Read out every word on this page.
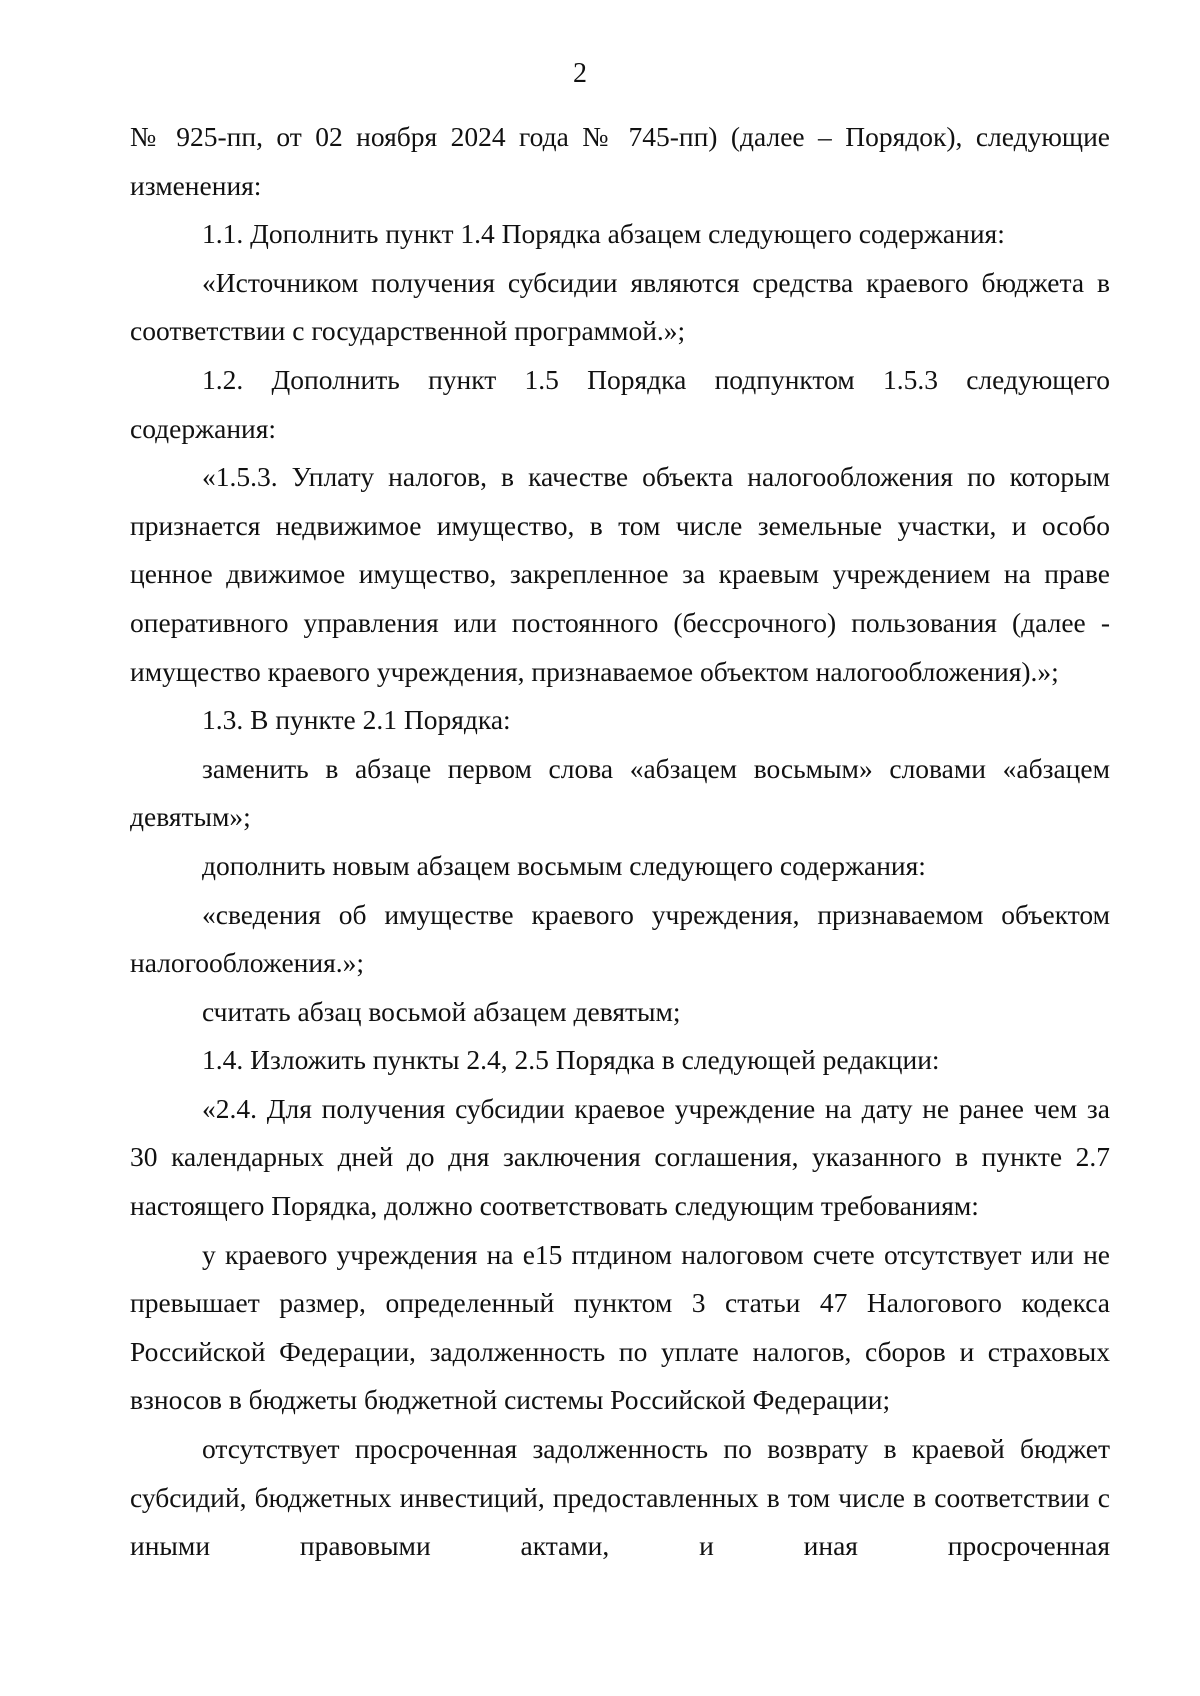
2

№ 925-пп, от 02 ноября 2024 года № 745-пп) (далее – Порядок), следующие изменения:

1.1. Дополнить пункт 1.4 Порядка абзацем следующего содержания:

«Источником получения субсидии являются средства краевого бюджета в соответствии с государственной программой.»;

1.2. Дополнить пункт 1.5 Порядка подпунктом 1.5.3 следующего содержания:

«1.5.3. Уплату налогов, в качестве объекта налогообложения по которым признается недвижимое имущество, в том числе земельные участки, и особо ценное движимое имущество, закрепленное за краевым учреждением на праве оперативного управления или постоянного (бессрочного) пользования (далее - имущество краевого учреждения, признаваемое объектом налогообложения).»;

1.3. В пункте 2.1 Порядка:

заменить в абзаце первом слова «абзацем восьмым» словами «абзацем девятым»;

дополнить новым абзацем восьмым следующего содержания:

«сведения об имуществе краевого учреждения, признаваемом объектом налогообложения.»;

считать абзац восьмой абзацем девятым;

1.4. Изложить пункты 2.4, 2.5 Порядка в следующей редакции:

«2.4. Для получения субсидии краевое учреждение на дату не ранее чем за 30 календарных дней до дня заключения соглашения, указанного в пункте 2.7 настоящего Порядка, должно соответствовать следующим требованиям:

у краевого учреждения на е15 птдином налоговом счете отсутствует или не превышает размер, определенный пунктом 3 статьи 47 Налогового кодекса Российской Федерации, задолженность по уплате налогов, сборов и страховых взносов в бюджеты бюджетной системы Российской Федерации;

отсутствует просроченная задолженность по возврату в краевой бюджет субсидий, бюджетных инвестиций, предоставленных в том числе в соответствии с иными правовыми актами, и иная просроченная
